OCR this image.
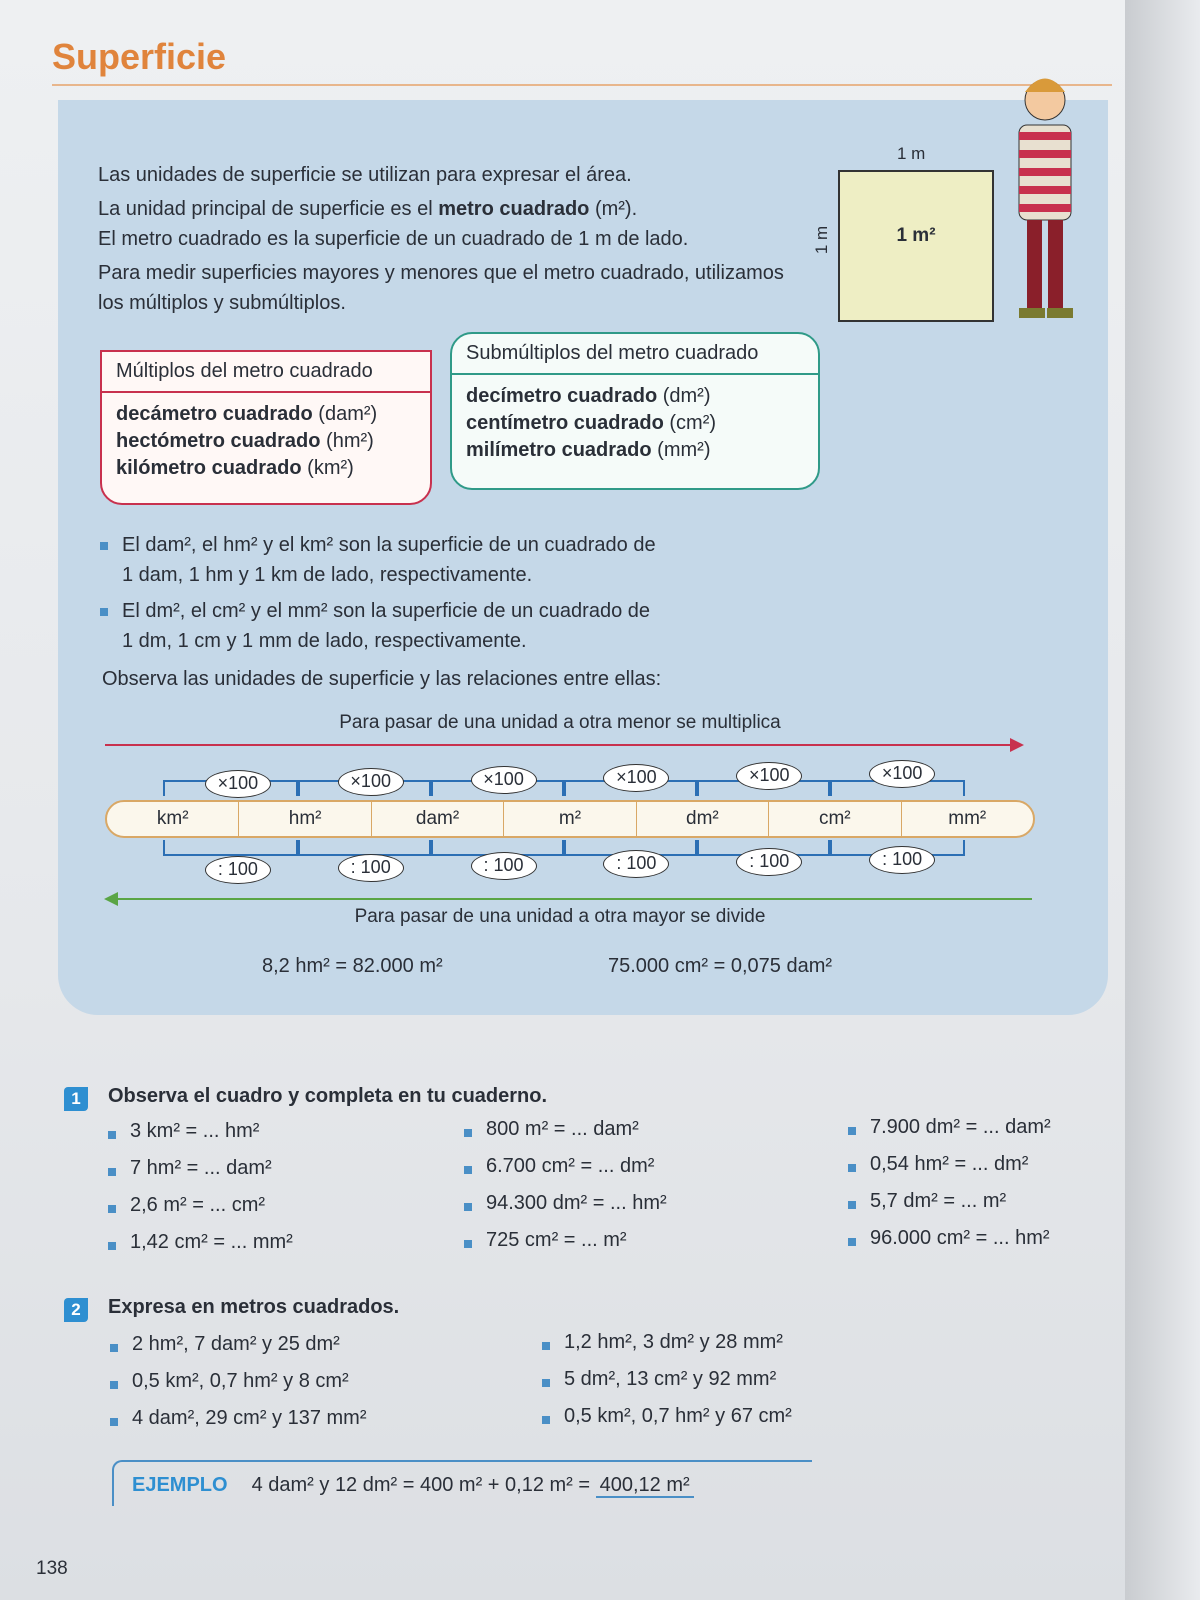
Superficie

Las unidades de superficie se utilizan para expresar el área.

La unidad principal de superficie es el metro cuadrado (m²).
El metro cuadrado es la superficie de un cuadrado de 1 m de lado.

Para medir superficies mayores y menores que el metro cuadrado, utilizamos los múltiplos y submúltiplos.

1 m
1 m	1 m²
Múltiplos del metro cuadrado
decámetro cuadrado (dam²)
hectómetro cuadrado (hm²)
kilómetro cuadrado (km²)
Submúltiplos del metro cuadrado
decímetro cuadrado (dm²)
centímetro cuadrado (cm²)
milímetro cuadrado (mm²)
El dam², el hm² y el km² son la superficie de un cuadrado de 1 dam, 1 hm y 1 km de lado, respectivamente.
El dm², el cm² y el mm² son la superficie de un cuadrado de 1 dm, 1 cm y 1 mm de lado, respectivamente.
Observa las unidades de superficie y las relaciones entre ellas:
Para pasar de una unidad a otra menor se multiplica
×100
: 100
×100
: 100
×100
: 100
×100
: 100
×100
: 100
×100
: 100
km²	hm²	dam²	m²	dm²	cm²	mm²
Para pasar de una unidad a otra mayor se divide
8,2 hm² = 82.000 m²	75.000 cm² = 0,075 dam²
1	Observa el cuadro y completa en tu cuaderno.
3 km² = ... hm²
7 hm² = ... dam²
2,6 m² = ... cm²
1,42 cm² = ... mm²
800 m² = ... dam²
6.700 cm² = ... dm²
94.300 dm² = ... hm²
725 cm² = ... m²
7.900 dm² = ... dam²
0,54 hm² = ... dm²
5,7 dm² = ... m²
96.000 cm² = ... hm²
2	Expresa en metros cuadrados.
2 hm², 7 dam² y 25 dm²
0,5 km², 0,7 hm² y 8 cm²
4 dam², 29 cm² y 137 mm²
1,2 hm², 3 dm² y 28 mm²
5 dm², 13 cm² y 92 mm²
0,5 km², 0,7 hm² y 67 cm²
EJEMPLO 4 dam² y 12 dm² = 400 m² + 0,12 m² = 400,12 m²
138
